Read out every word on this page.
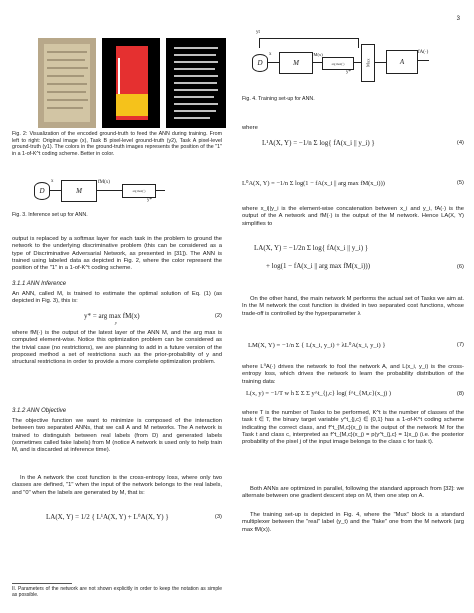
3

Fig. 2: Visualization of the encoded ground-truth to feed the ANN during training. From left to right: Original image (x), Task B pixel-level ground-truth (y2), Task A pixel-level ground-truth (y1). The colors in the ground-truth images represents the position of the "1" in a 1-of-K^t coding scheme. Better in color.

D
x
M
fM(x)
arg max(·)
y*

Fig. 3. Inference set up for ANN.

output is replaced by a softmax layer for each task in the problem to ground the network to the underlying discriminative problem (this can be considered as a type of Discriminative Adversarial Network, as presented in [31]). The ANN is trained using labeled data as depicted in Fig. 2, where the color represent the position of the "1" in a 1-of-K^t coding scheme.

3.1.1 ANN Inference

An ANN, called M, is trained to estimate the optimal solution of Eq. (1) (as depicted in Fig. 3), this is:

y* = arg max fM(x)
y
(2)

where fM(·) is the output of the latest layer of the ANN M, and the arg max is computed element-wise. Notice this optimization problem can be considered as the trivial case (no restrictions), we are planning to add in a future version of the proposed method a set of restrictions such as the prior-probability of y and structural restrictions in order to provide a more complete optimization problem.

3.1.2 ANN Objective

The objective function we want to minimize is composed of the interaction between two separated ANNs, that we call A and M networks. The A network is trained to distinguish between real labels (from D) and generated labels (sometimes called fake labels) from M (notice A network is used only to help train M, and is discarded at inference time).

In the A network the cost function is the cross-entropy loss, where only two classes are defined, "1" when the input of the network belongs to the real labels, and "0" when the labels are generated by M, that is:

LA(X, Y) = 1/2 { L¹A(X, Y) + L⁰A(X, Y) }	(3)

II. Parameters of the network are not shown explicitly in order to keep the notation as simple as possible.

yt
D
x
M
fM(x)
arg max(·)
y*
Mux	A
fA(·)

Fig. 4. Training set-up for ANN.

where

L¹A(X, Y) = −1/n Σ log{ fA(x_i || y_i) }	(4)
L⁰A(X, Y) = −1/n Σ log(1 − fA(x_i || arg max fM(x_i)))	(5)

where x_i||y_i is the element-wise concatenation between x_i and y_i, fA(·) is the output of the A network and fM(·) is the output of the M network. Hence LA(X, Y) simplifies to

LA(X, Y) = −1/2n Σ log{ fA(x_i || y_i) }
+ log(1 − fA(x_i || arg max fM(x_i)))	(6)

On the other hand, the main network M performs the actual set of Tasks we aim at. In the M network the cost function is divided in two separated cost functions, whose trade-off is controlled by the hyperparameter λ

LM(X, Y) = −1/n Σ { L(x_i, y_i) + λL⁰A(x_i, y_i) }	(7)

where L⁰A(·) drives the network to fool the network A, and L(x_i, y_i) is the cross-entropy loss, which drives the network to learn the probability distribution of the training data:

L(x, y) = −1/T w h Σ Σ Σ y^t_{j,c} log( f^t_{M,c}(x_j) )	(8)

where T is the number of Tasks to be performed, K^t is the number of classes of the task t ∈ T, the binary target variable y^t_{j,c} ∈ {0,1} has a 1-of-K^t coding scheme indicating the correct class, and f^t_{M,c}(x_j) is the output of the network M for the Task t and class c, interpreted as f^t_{M,c}(x_j) = p(y^t_{j,c} = 1|x_j) (i.e. the posterior probability of the pixel j of the input image belongs to the class c for task t).

Both ANNs are optimized in parallel, following the standard approach from [32]: we alternate between one gradient descent step on M, then one step on A.

The training set-up is depicted in Fig. 4, where the "Mux" block is a standard multiplexer between the "real" label (y_t) and the "fake" one from the M network (arg max fM(x)).
